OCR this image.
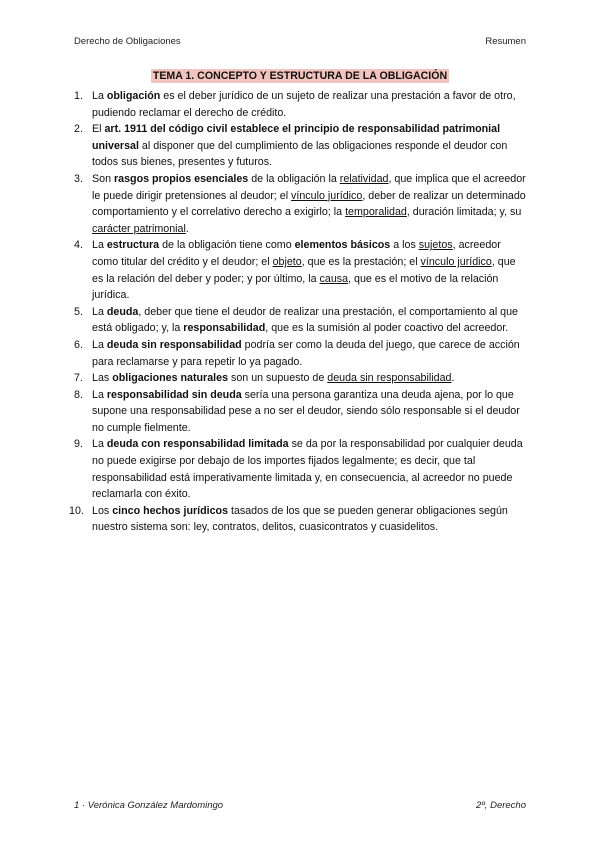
Derecho de Obligaciones	Resumen
TEMA 1. CONCEPTO Y ESTRUCTURA DE LA OBLIGACIÓN
1. La obligación es el deber jurídico de un sujeto de realizar una prestación a favor de otro, pudiendo reclamar el derecho de crédito.
2. El art. 1911 del código civil establece el principio de responsabilidad patrimonial universal al disponer que del cumplimiento de las obligaciones responde el deudor con todos sus bienes, presentes y futuros.
3. Son rasgos propios esenciales de la obligación la relatividad, que implica que el acreedor le puede dirigir pretensiones al deudor; el vínculo jurídico, deber de realizar un determinado comportamiento y el correlativo derecho a exigirlo; la temporalidad, duración limitada; y, su carácter patrimonial.
4. La estructura de la obligación tiene como elementos básicos a los sujetos, acreedor como titular del crédito y el deudor; el objeto, que es la prestación; el vínculo jurídico, que es la relación del deber y poder; y por último, la causa, que es el motivo de la relación jurídica.
5. La deuda, deber que tiene el deudor de realizar una prestación, el comportamiento al que está obligado; y, la responsabilidad, que es la sumisión al poder coactivo del acreedor.
6. La deuda sin responsabilidad podría ser como la deuda del juego, que carece de acción para reclamarse y para repetir lo ya pagado.
7. Las obligaciones naturales son un supuesto de deuda sin responsabilidad.
8. La responsabilidad sin deuda sería una persona garantiza una deuda ajena, por lo que supone una responsabilidad pese a no ser el deudor, siendo sólo responsable si el deudor no cumple fielmente.
9. La deuda con responsabilidad limitada se da por la responsabilidad por cualquier deuda no puede exigirse por debajo de los importes fijados legalmente; es decir, que tal responsabilidad está imperativamente limitada y, en consecuencia, al acreedor no puede reclamarla con éxito.
10. Los cinco hechos jurídicos tasados de los que se pueden generar obligaciones según nuestro sistema son: ley, contratos, delitos, cuasicontratos y cuasidelitos.
1 · Verónica González Mardomingo	2º, Derecho
